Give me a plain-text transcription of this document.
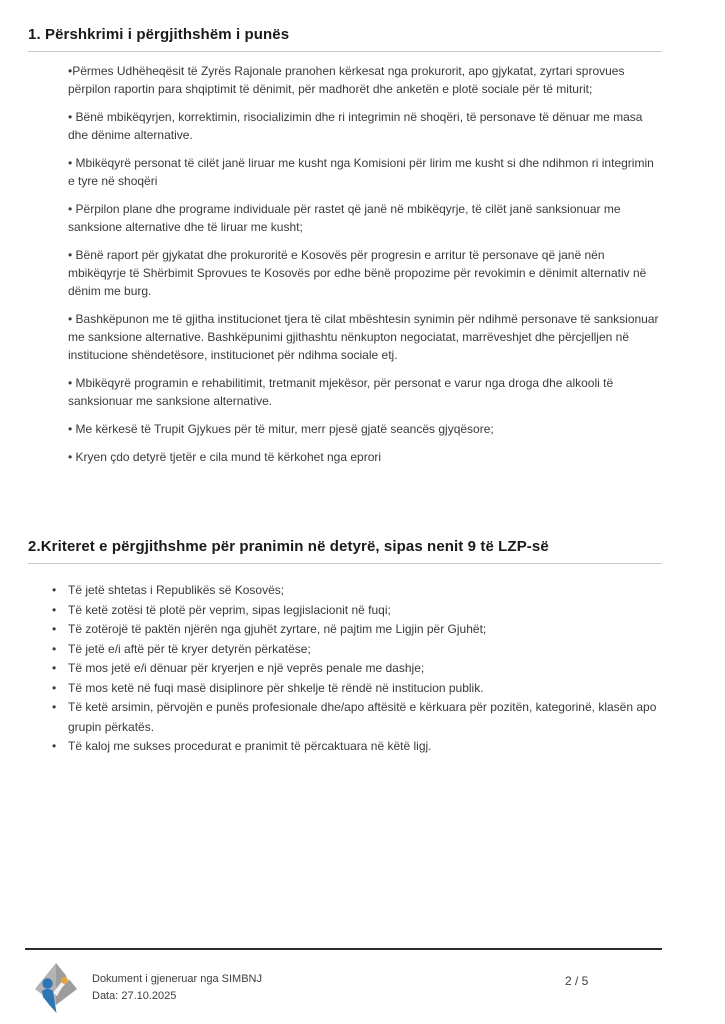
1. Përshkrimi i përgjithshëm i punës

•Përmes Udhëheqësit të Zyrës Rajonale pranohen kërkesat nga prokurorit, apo gjykatat, zyrtari sprovues përpilon raportin para shqiptimit të dënimit, për madhorët dhe anketën e plotë sociale për të miturit;

• Bënë mbikëqyrjen, korrektimin, risocializimin dhe ri integrimin në shoqëri, të personave të dënuar me masa dhe dënime alternative.

• Mbikëqyrë personat të cilët janë liruar me kusht nga Komisioni për lirim me kusht si dhe ndihmon ri integrimin e tyre në shoqëri

• Përpilon plane dhe programe individuale për rastet që janë në mbikëqyrje, të cilët janë sanksionuar me sanksione alternative dhe të liruar me kusht;

• Bënë raport për gjykatat dhe prokuroritë e Kosovës për progresin e arritur të personave që janë nën mbikëqyrje të Shërbimit Sprovues te Kosovës por edhe bënë propozime për revokimin e dënimit alternativ në dënim me burg.

• Bashkëpunon me të gjitha institucionet tjera të cilat mbështesin synimin për ndihmë personave të sanksionuar me sanksione alternative. Bashkëpunimi gjithashtu nënkupton negociatat, marrëveshjet dhe përcjelljen në institucione shëndetësore, institucionet për ndihma sociale etj.

• Mbikëqyrë programin e rehabilitimit, tretmanit mjekësor, për personat e varur nga droga dhe alkooli të sanksionuar me sanksione alternative.

• Me kërkesë të Trupit Gjykues për të mitur, merr pjesë gjatë seancës gjyqësore;

• Kryen çdo detyrë tjetër e cila mund të kërkohet nga eprori

2.Kriteret e përgjithshme për pranimin në detyrë, sipas nenit 9 të LZP-së
• Të jetë shtetas i Republikës së Kosovës;
• Të ketë zotësi të plotë për veprim, sipas legjislacionit në fuqi;
• Të zotërojë të paktën njërën nga gjuhët zyrtare, në pajtim me Ligjin për Gjuhët;
• Të jetë e/i aftë për të kryer detyrën përkatëse;
• Të mos jetë e/i dënuar për kryerjen e një veprës penale me dashje;
• Të mos ketë në fuqi masë disiplinore për shkelje të rëndë në institucion publik.
• Të ketë arsimin, përvojën e punës profesionale dhe/apo aftësitë e kërkuara për pozitën, kategorinë, klasën apo grupin përkatës.
• Të kaloj me sukses procedurat e pranimit të përcaktuara në këtë ligj.
Dokument i gjeneruar nga SIMBNJ
Data: 27.10.2025
2 / 5
